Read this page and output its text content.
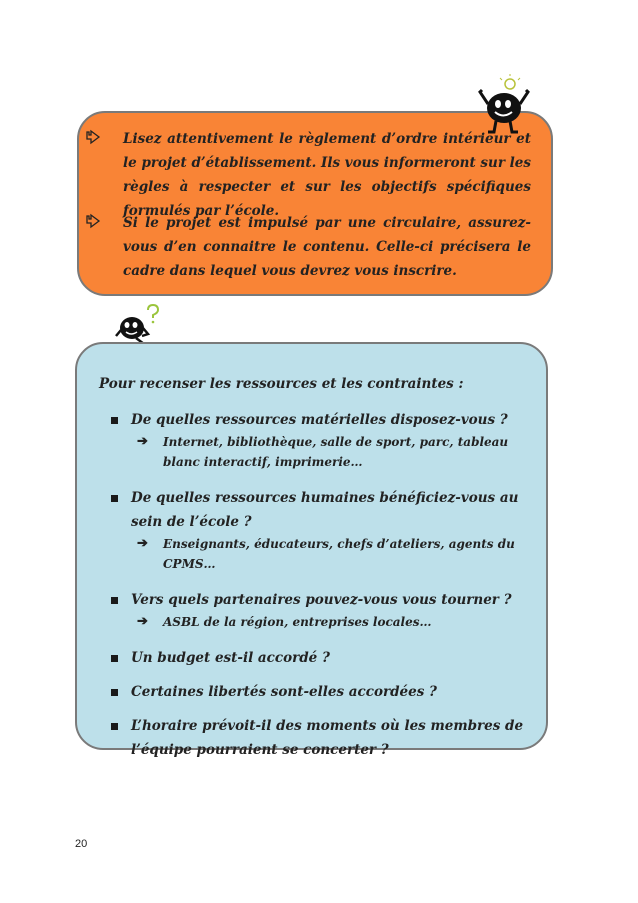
Lisez attentivement le règlement d’ordre intérieur et le projet d’établissement. Ils vous informeront sur les règles à respecter et sur les objectifs spécifiques formulés par l’école.

Si le projet est impulsé par une circulaire, assurez-vous d’en connaitre le contenu. Celle-ci précisera le cadre dans lequel vous devrez vous inscrire.

Pour recenser les ressources et les contraintes :

De quelles ressources matérielles disposez-vous ?
➔ Internet, bibliothèque, salle de sport, parc, tableau blanc interactif, imprimerie…
De quelles ressources humaines bénéficiez-vous au sein de l’école ?
➔ Enseignants, éducateurs, chefs d’ateliers, agents du CPMS…
Vers quels partenaires pouvez-vous vous tourner ?
➔ ASBL de la région, entreprises locales…
Un budget est-il accordé ?
Certaines libertés sont-elles accordées ?
L’horaire prévoit-il des moments où les membres de l’équipe pourraient se concerter ?
20
